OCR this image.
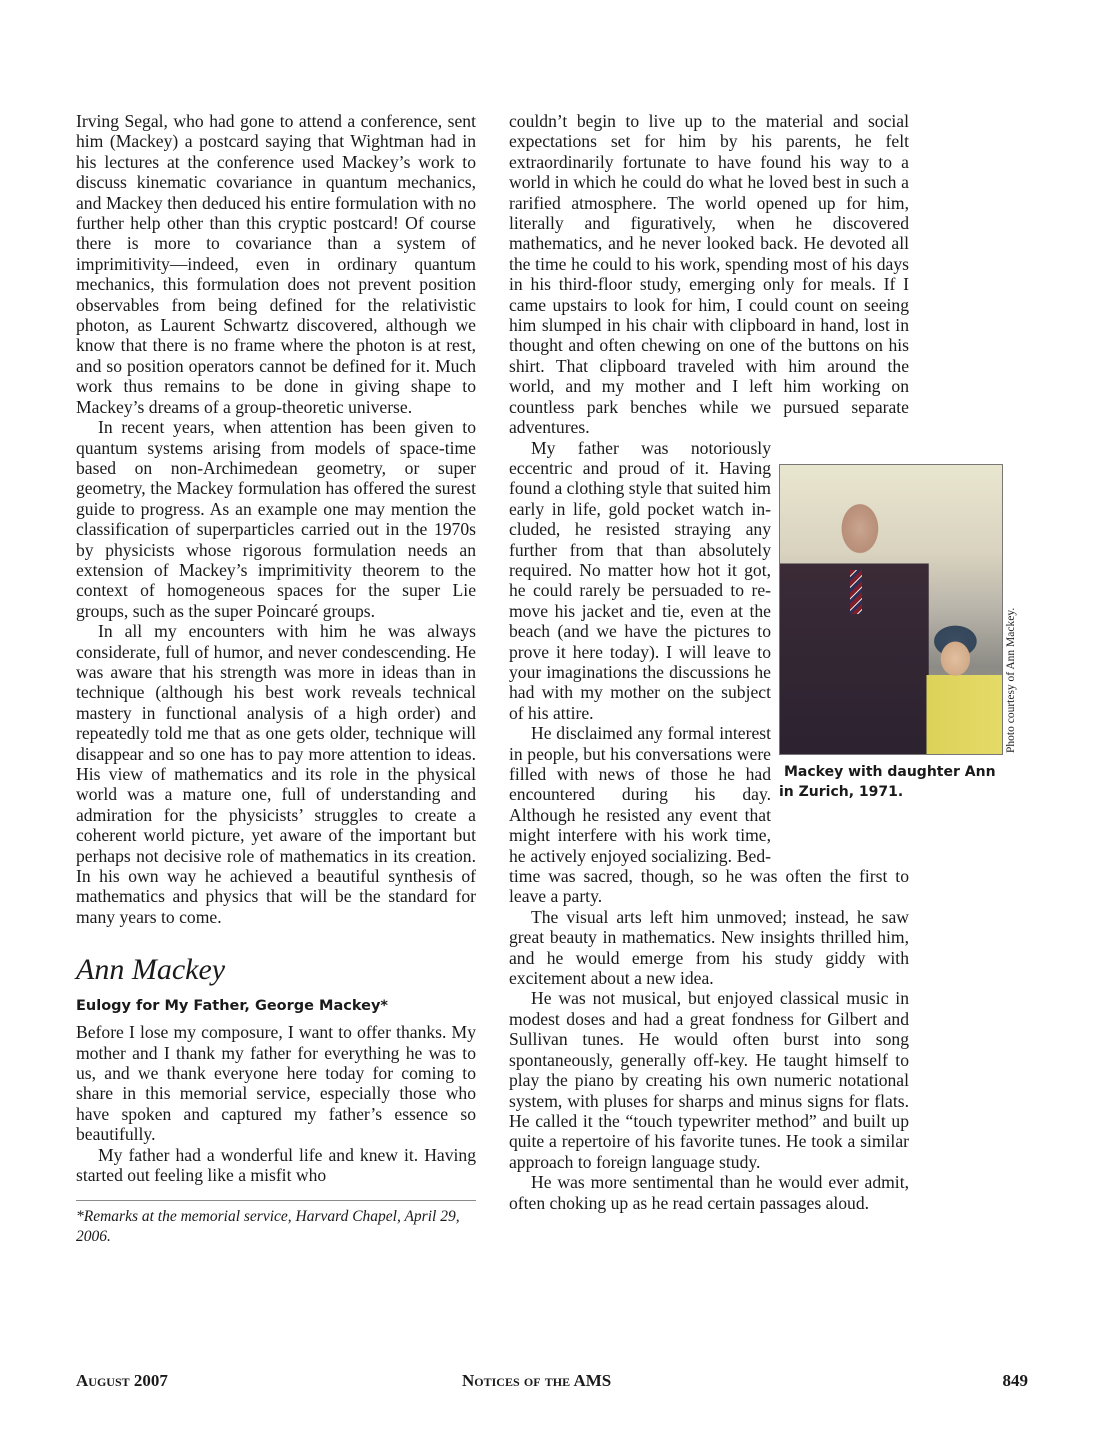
Irving Segal, who had gone to attend a conference, sent him (Mackey) a postcard saying that Wightman had in his lectures at the conference used Mackey’s work to discuss kinematic covariance in quantum mechanics, and Mackey then deduced his entire formulation with no further help other than this cryptic postcard! Of course there is more to covariance than a system of imprimitivity—indeed, even in ordinary quantum mechanics, this formulation does not prevent position observables from being defined for the relativistic photon, as Laurent Schwartz discovered, although we know that there is no frame where the photon is at rest, and so position operators cannot be defined for it. Much work thus remains to be done in giving shape to Mackey’s dreams of a group-theoretic universe.

In recent years, when attention has been given to quantum systems arising from models of space-time based on non-Archimedean geometry, or super geometry, the Mackey formulation has offered the surest guide to progress. As an example one may mention the classification of superparticles carried out in the 1970s by physicists whose rigorous formulation needs an extension of Mackey’s imprimitivity theorem to the context of homogeneous spaces for the super Lie groups, such as the super Poincaré groups.

In all my encounters with him he was always considerate, full of humor, and never condescending. He was aware that his strength was more in ideas than in technique (although his best work reveals technical mastery in functional analysis of a high order) and repeatedly told me that as one gets older, technique will disappear and so one has to pay more attention to ideas. His view of mathematics and its role in the physical world was a mature one, full of understanding and admiration for the physicists’ struggles to create a coherent world picture, yet aware of the important but perhaps not decisive role of mathematics in its creation. In his own way he achieved a beautiful synthesis of mathematics and physics that will be the standard for many years to come.

Ann Mackey
Eulogy for My Father, George Mackey*

Before I lose my composure, I want to offer thanks. My mother and I thank my father for everything he was to us, and we thank everyone here today for coming to share in this memorial service, especially those who have spoken and captured my father’s essence so beautifully.

My father had a wonderful life and knew it. Having started out feeling like a misfit who

*Remarks at the memorial service, Harvard Chapel, April 29, 2006.

couldn’t begin to live up to the material and social expectations set for him by his parents, he felt extraordinarily fortunate to have found his way to a world in which he could do what he loved best in such a rarified atmosphere. The world opened up for him, literally and figuratively, when he discovered mathematics, and he never looked back. He devoted all the time he could to his work, spending most of his days in his third-floor study, emerging only for meals. If I came upstairs to look for him, I could count on seeing him slumped in his chair with clipboard in hand, lost in thought and often chewing on one of the buttons on his shirt. That clipboard traveled with him around the world, and my mother and I left him working on countless park benches while we pursued separate adventures.

Photo courtesy of Ann Mackey.
Mackey with daughter Ann
in Zurich, 1971.

My father was notoriously eccentric and proud of it. Having found a clothing style that suited him early in life, gold pocket watch included, he resisted straying any further from that than absolutely required. No matter how hot it got, he could rarely be persuaded to remove his jacket and tie, even at the beach (and we have the pictures to prove it here today). I will leave to your imaginations the discussions he had with my mother on the subject of his attire.

He disclaimed any formal interest in people, but his conversations were filled with news of those he had encountered during his day. Although he resisted any event that might interfere with his work time, he actively enjoyed socializing. Bedtime was sacred, though, so he was often the first to leave a party.

The visual arts left him unmoved; instead, he saw great beauty in mathematics. New insights thrilled him, and he would emerge from his study giddy with excitement about a new idea.

He was not musical, but enjoyed classical music in modest doses and had a great fondness for Gilbert and Sullivan tunes. He would often burst into song spontaneously, generally off-key. He taught himself to play the piano by creating his own numeric notational system, with pluses for sharps and minus signs for flats. He called it the “touch typewriter method” and built up quite a repertoire of his favorite tunes. He took a similar approach to foreign language study.

He was more sentimental than he would ever admit, often choking up as he read certain passages aloud.

August 2007	Notices of the AMS	849
